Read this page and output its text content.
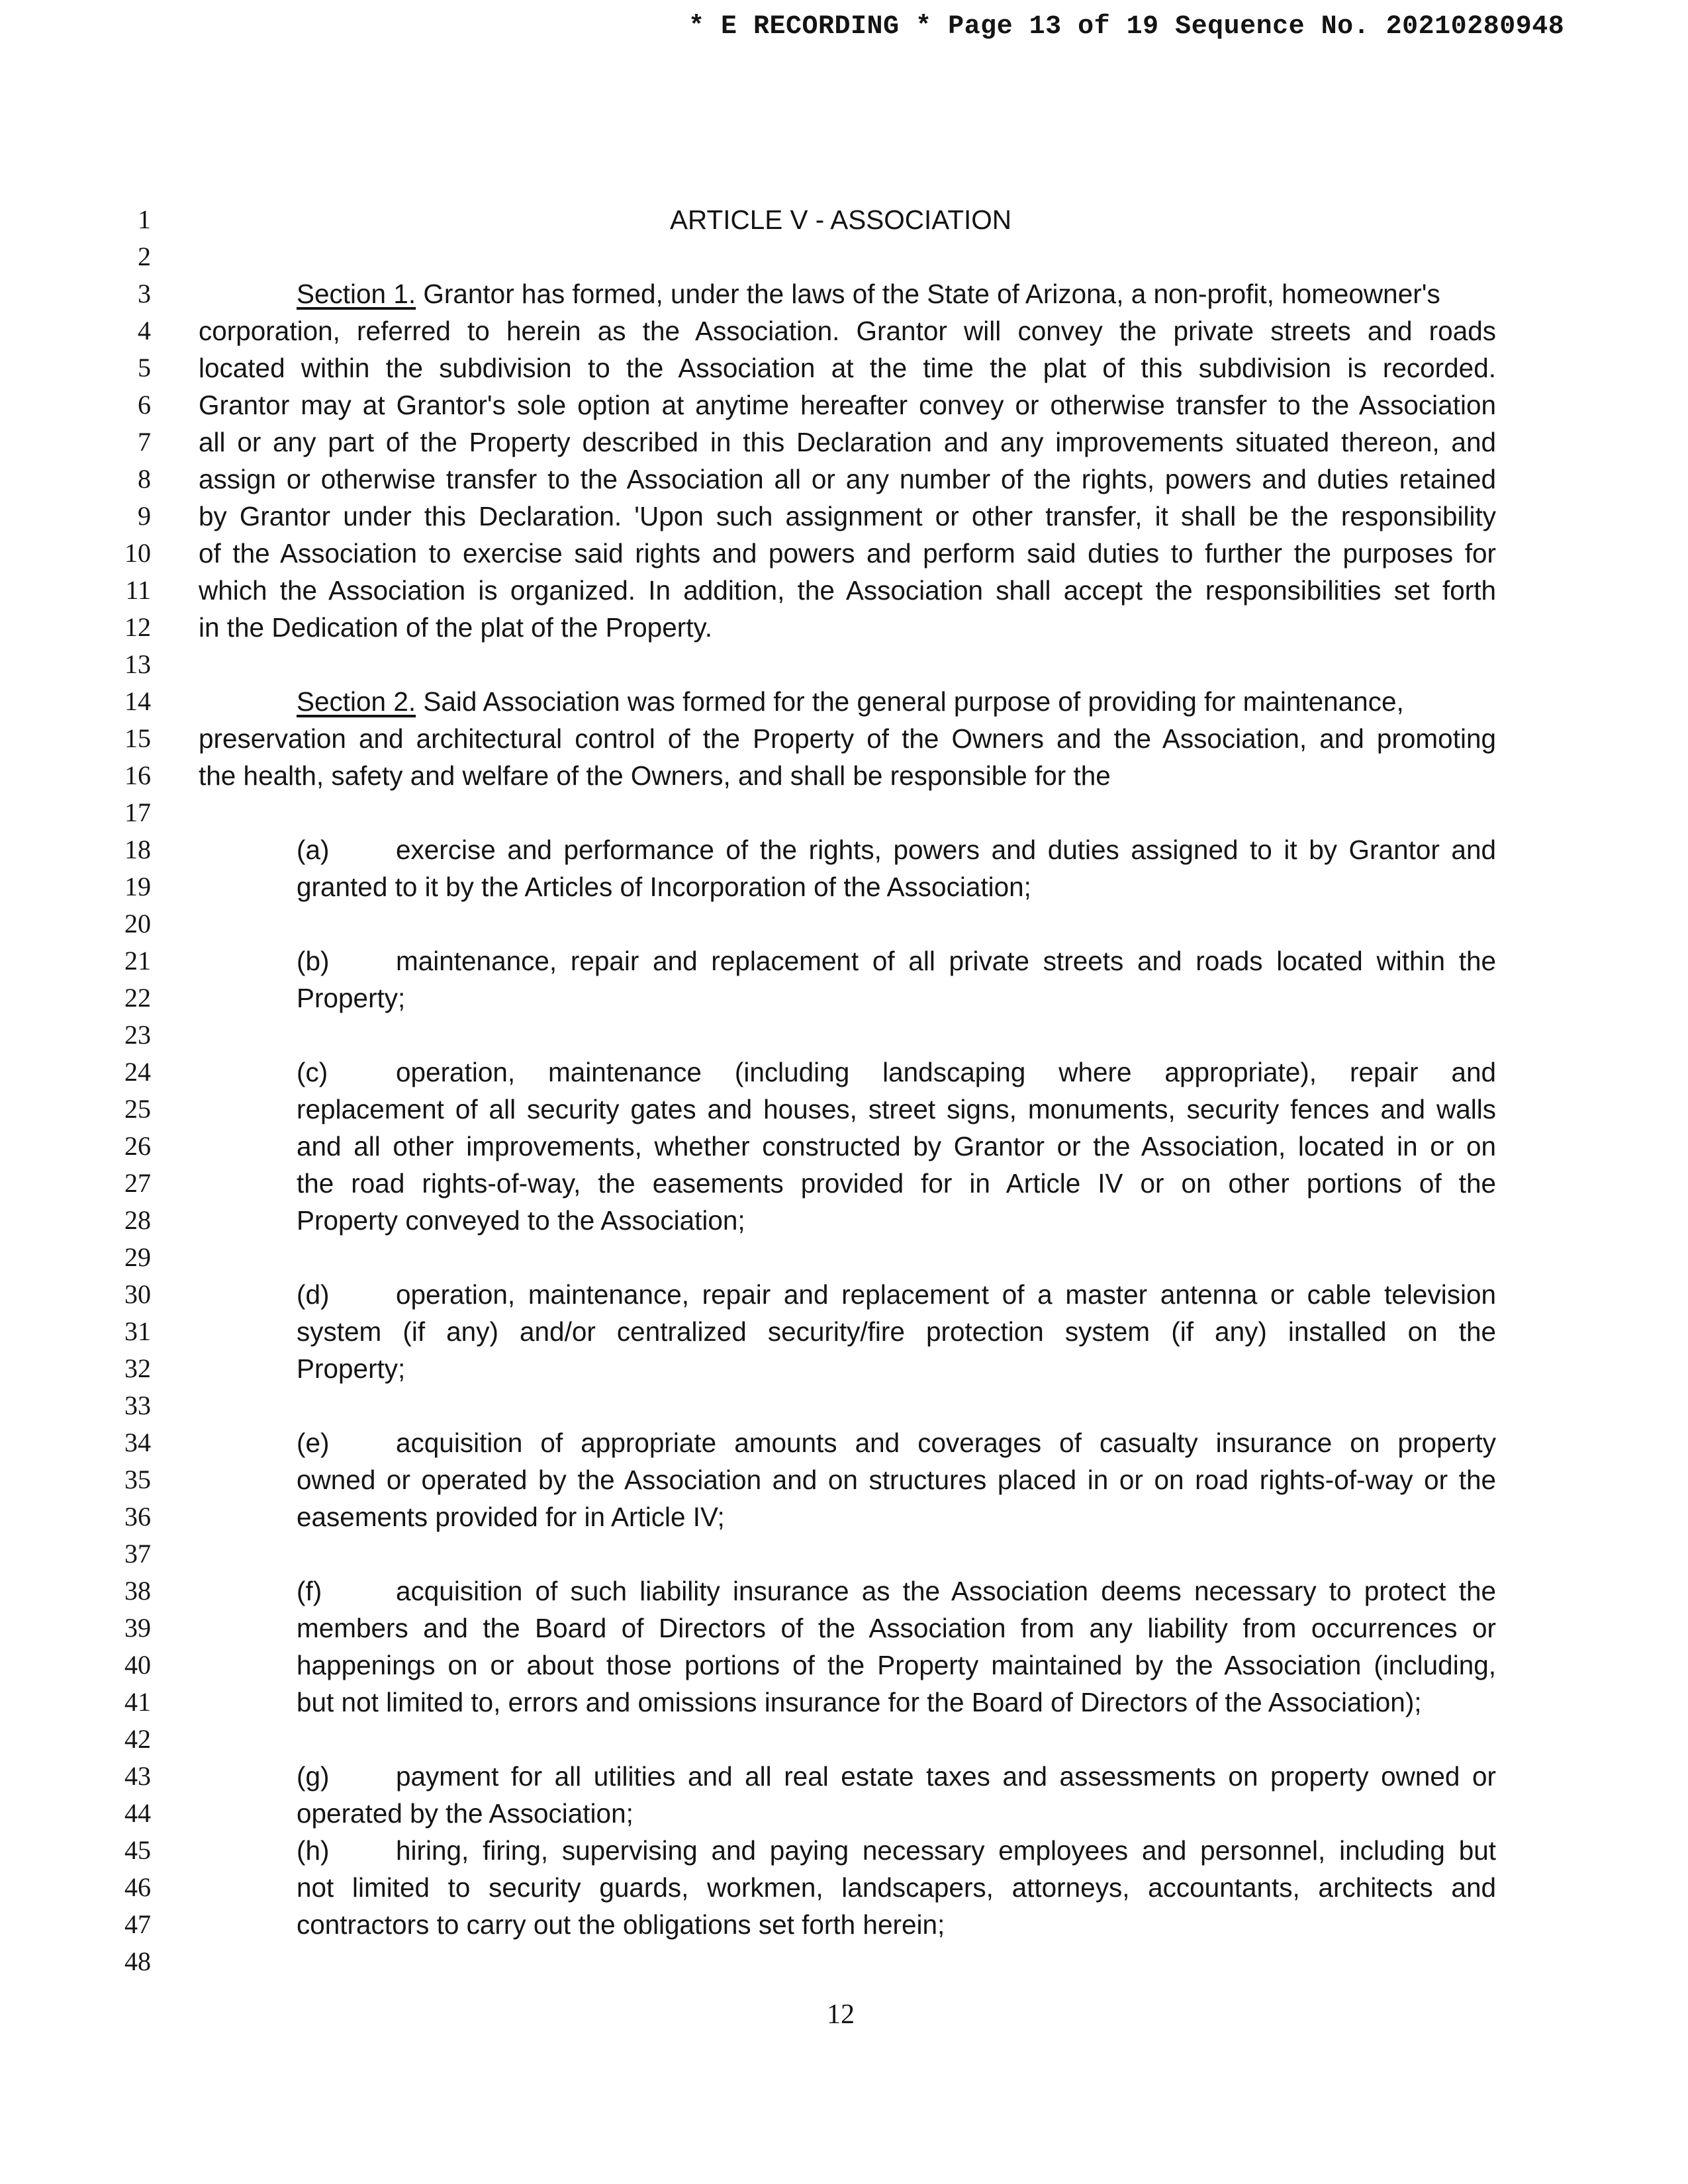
* E RECORDING * Page 13 of 19 Sequence No. 20210280948
1
2
3
4
5
6
7
8
9
10
11
12
13
14
15
16
17
18
19
20
21
22
23
24
25
26
27
28
29
30
31
32
33
34
35
36
37
38
39
40
41
42
43
44
45
46
47
48
ARTICLE V - ASSOCIATION
Section 1. Grantor has formed, under the laws of the State of Arizona, a non-profit, homeowner's
corporation, referred to herein as the Association. Grantor will convey the private streets and roads
located within the subdivision to the Association at the time the plat of this subdivision is recorded.
Grantor may at Grantor's sole option at anytime hereafter convey or otherwise transfer to the Association
all or any part of the Property described in this Declaration and any improvements situated thereon, and
assign or otherwise transfer to the Association all or any number of the rights, powers and duties retained
by Grantor under this Declaration. 'Upon such assignment or other transfer, it shall be the responsibility
of the Association to exercise said rights and powers and perform said duties to further the purposes for
which the Association is organized. In addition, the Association shall accept the responsibilities set forth
in the Dedication of the plat of the Property.
Section 2. Said Association was formed for the general purpose of providing for maintenance,
preservation and architectural control of the Property of the Owners and the Association, and promoting
the health, safety and welfare of the Owners, and shall be responsible for the
(a) exercise and performance of the rights, powers and duties assigned to it by Grantor and
granted to it by the Articles of Incorporation of the Association;
(b) maintenance, repair and replacement of all private streets and roads located within the
Property;
(c)	operation, maintenance (including landscaping where appropriate), repair and
replacement of all security gates and houses, street signs, monuments, security fences and walls
and all other improvements, whether constructed by Grantor or the Association, located in or on
the road rights-of-way, the easements provided for in Article IV or on other portions of the
Property conveyed to the Association;
(d) operation, maintenance, repair and replacement of a master antenna or cable television
system (if any) and/or centralized security/fire protection system (if any) installed on the
Property;
(e) acquisition of appropriate amounts and coverages of casualty insurance on property
owned or operated by the Association and on structures placed in or on road rights-of-way or the
easements provided for in Article IV;
(f)	acquisition of such liability insurance as the Association deems necessary to protect the
members and the Board of Directors of the Association from any liability from occurrences or
happenings on or about those portions of the Property maintained by the Association (including,
but not limited to, errors and omissions insurance for the Board of Directors of the Association);
(g) payment for all utilities and all real estate taxes and assessments on property owned or
operated by the Association;
(h) hiring, firing, supervising and paying necessary employees and personnel, including but
not limited to security guards, workmen, landscapers, attorneys, accountants, architects and
contractors to carry out the obligations set forth herein;
12
